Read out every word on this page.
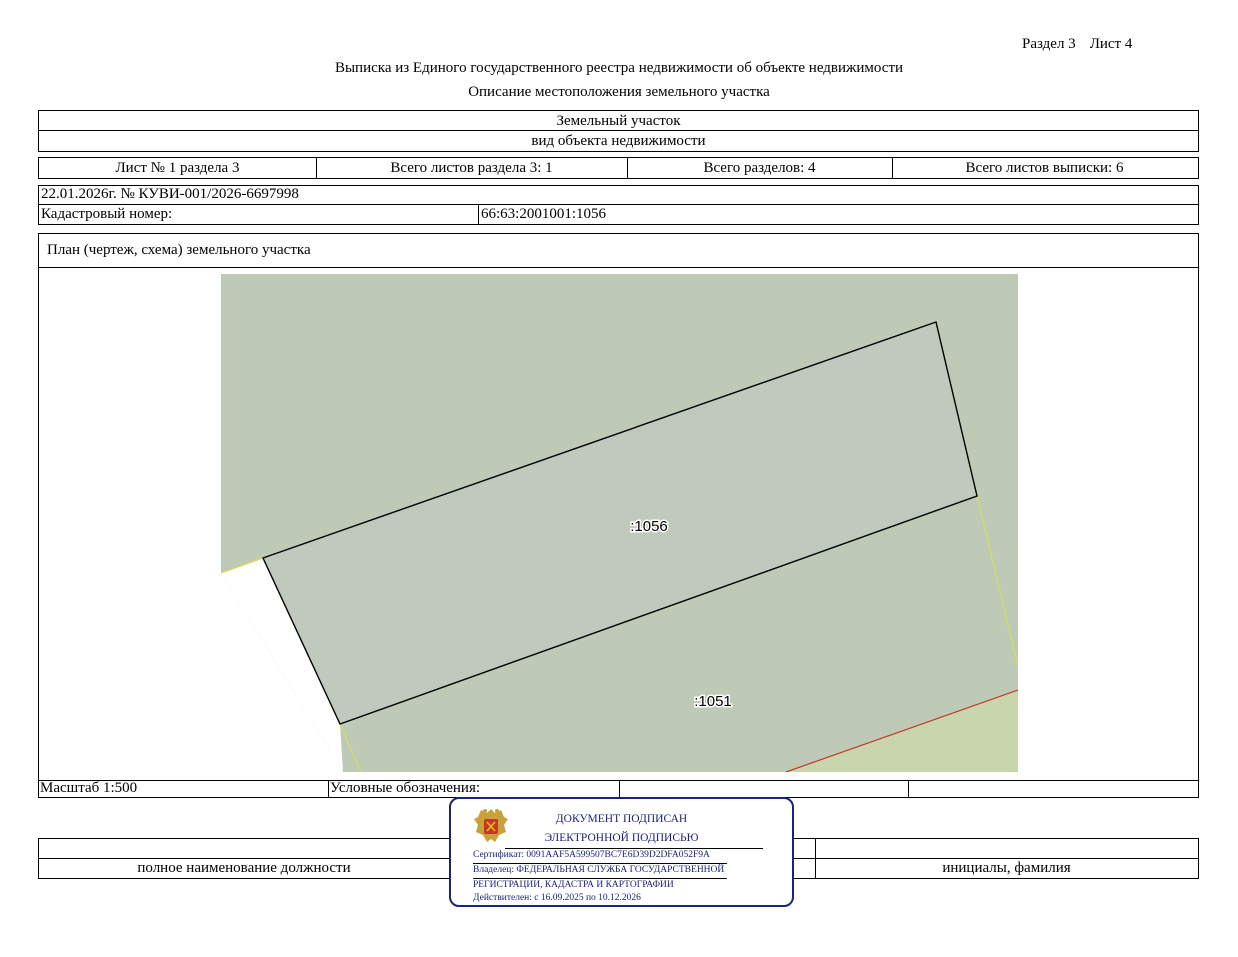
Раздел 3 Лист 4
Выписка из Единого государственного реестра недвижимости об объекте недвижимости
Описание местоположения земельного участка
Земельный участок
вид объекта недвижимости
Лист № 1 раздела 3	Всего листов раздела 3: 1	Всего разделов: 4	Всего листов выписки: 6
22.01.2026г. № КУВИ-001/2026-6697998
Кадастровый номер:	66:63:2001001:1056
План (чертеж, схема) земельного участка
:1056
:1051
Масштаб 1:500	Условные обозначения:
полное наименование должности	инициалы, фамилия
ДОКУМЕНТ ПОДПИСАН
ЭЛЕКТРОННОЙ ПОДПИСЬЮ
Сертификат: 0091AAF5A599507BC7E6D39D2DFA052F9A
Владелец: ФЕДЕРАЛЬНАЯ СЛУЖБА ГОСУДАРСТВЕННОЙ
РЕГИСТРАЦИИ, КАДАСТРА И КАРТОГРАФИИ
Действителен: с 16.09.2025 по 10.12.2026
